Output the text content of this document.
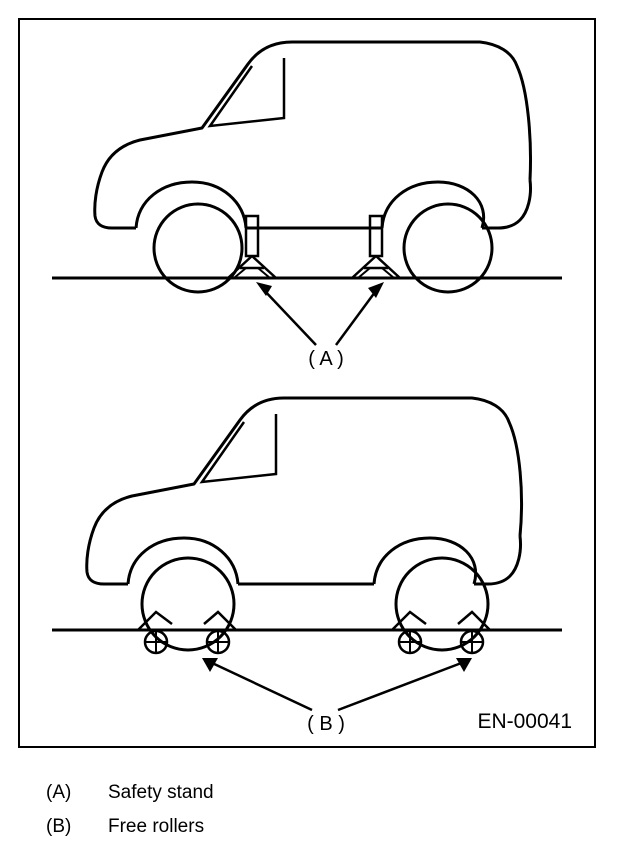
( A )
( B )	EN-00041
(A)	Safety stand
(B)	Free rollers
